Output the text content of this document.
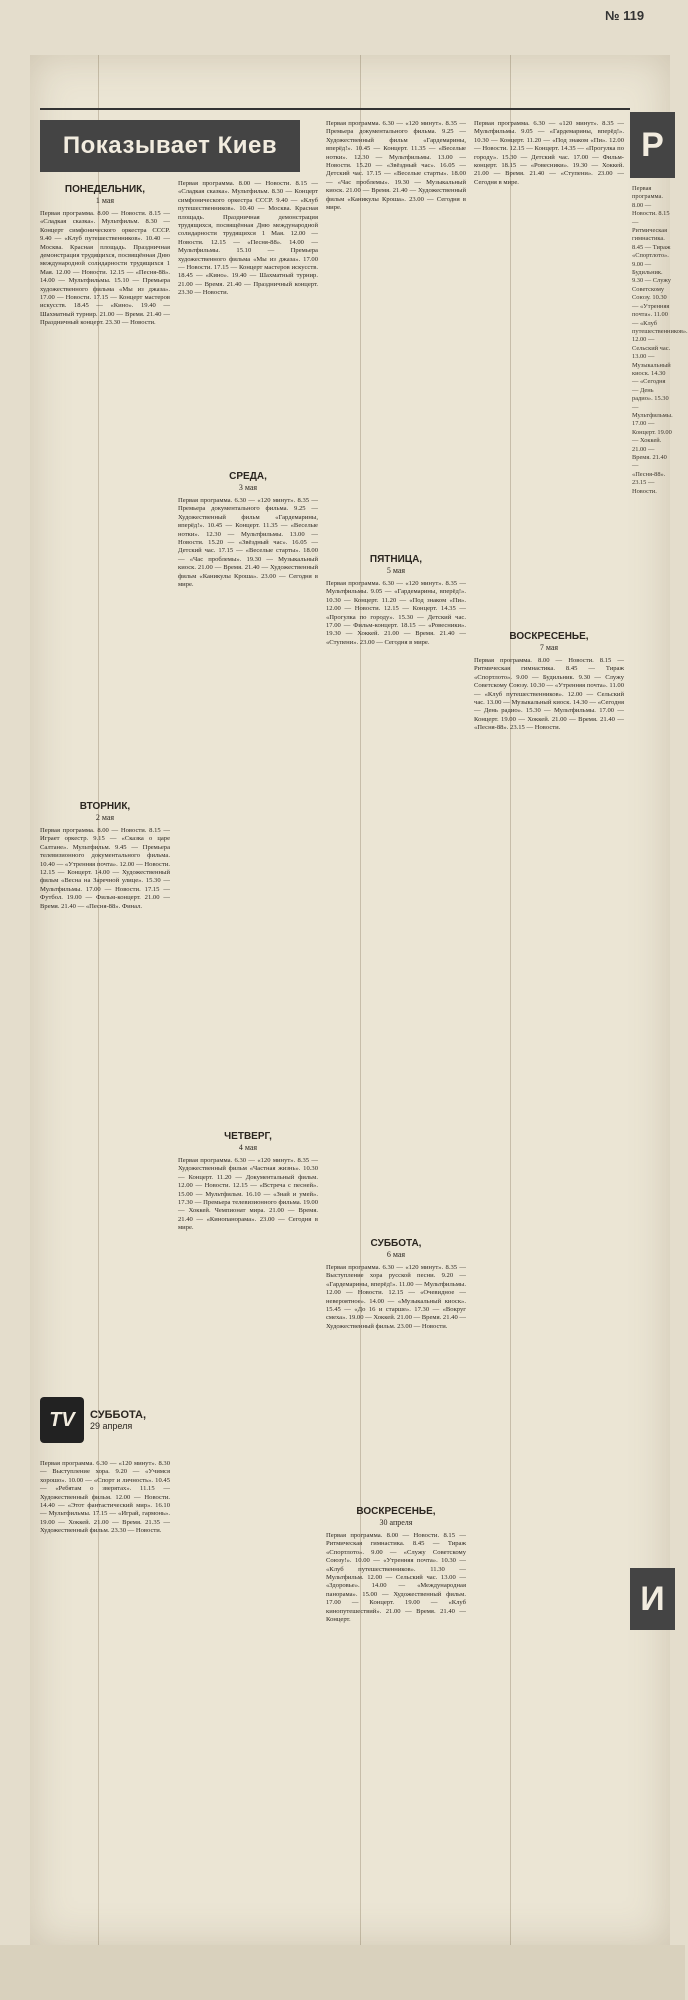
№ 119
Показывает Киев	Р
ПОНЕДЕЛЬНИК,
1 мая
Первая программа. 8.00 — Новости. 8.15 — «Сладкая сказка». Мультфильм. 8.30 — Концерт симфонического оркестра СССР. 9.40 — «Клуб путешественников». 10.40 — Москва. Красная площадь. Праздничная демонстрация трудящихся, посвящённая Дню международной солидарности трудящихся 1 Мая. 12.00 — Новости. 12.15 — «Песня-88». 14.00 — Мультфильмы. 15.10 — Премьера художественного фильма «Мы из джаза». 17.00 — Новости. 17.15 — Концерт мастеров искусств. 18.45 — «Кино». 19.40 — Шахматный турнир. 21.00 — Время. 21.40 — Праздничный концерт. 23.30 — Новости.
ВТОРНИК,
2 мая
Первая программа. 8.00 — Новости. 8.15 — Играет оркестр. 9.15 — «Сказка о царе Салтане». Мультфильм. 9.45 — Премьера телевизионного документального фильма. 10.40 — «Утренняя почта». 12.00 — Новости. 12.15 — Концерт. 14.00 — Художественный фильм «Весна на Заречной улице». 15.30 — Мультфильмы. 17.00 — Новости. 17.15 — Футбол. 19.00 — Фильм-концерт. 21.00 — Время. 21.40 — «Песня-88». Финал.
TV	СУББОТА,
29 апреля
Первая программа. 6.30 — «120 минут». 8.30 — Выступление хора. 9.20 — «Учимся хорошо». 10.00 — «Спорт и личность». 10.45 — «Ребятам о зверятах». 11.15 — Художественный фильм. 12.00 — Новости. 14.40 — «Этот фантастический мир». 16.10 — Мультфильмы. 17.15 — «Играй, гармонь». 19.00 — Хоккей. 21.00 — Время. 21.35 — Художественный фильм. 23.30 — Новости.
Первая программа. 8.00 — Новости. 8.15 — «Сладкая сказка». Мультфильм. 8.30 — Концерт симфонического оркестра СССР. 9.40 — «Клуб путешественников». 10.40 — Москва. Красная площадь. Праздничная демонстрация трудящихся, посвящённая Дню международной солидарности трудящихся 1 Мая. 12.00 — Новости. 12.15 — «Песня-88». 14.00 — Мультфильмы. 15.10 — Премьера художественного фильма «Мы из джаза». 17.00 — Новости. 17.15 — Концерт мастеров искусств. 18.45 — «Кино». 19.40 — Шахматный турнир. 21.00 — Время. 21.40 — Праздничный концерт. 23.30 — Новости.
СРЕДА,
3 мая
Первая программа. 6.30 — «120 минут». 8.35 — Премьера документального фильма. 9.25 — Художественный фильм «Гардемарины, вперёд!». 10.45 — Концерт. 11.35 — «Веселые нотки». 12.30 — Мультфильмы. 13.00 — Новости. 15.20 — «Звёздный час». 16.05 — Детский час. 17.15 — «Веселые старты». 18.00 — «Час проблемы». 19.30 — Музыкальный киоск. 21.00 — Время. 21.40 — Художественный фильм «Каникулы Кроша». 23.00 — Сегодня в мире.
ЧЕТВЕРГ,
4 мая
Первая программа. 6.30 — «120 минут». 8.35 — Художественный фильм «Частная жизнь». 10.30 — Концерт. 11.20 — Документальный фильм. 12.00 — Новости. 12.15 — «Встреча с песней». 15.00 — Мультфильм. 16.10 — «Знай и умей». 17.30 — Премьера телевизионного фильма. 19.00 — Хоккей. Чемпионат мира. 21.00 — Время. 21.40 — «Кинопанорама». 23.00 — Сегодня в мире.
Первая программа. 6.30 — «120 минут». 8.35 — Премьера документального фильма. 9.25 — Художественный фильм «Гардемарины, вперёд!». 10.45 — Концерт. 11.35 — «Веселые нотки». 12.30 — Мультфильмы. 13.00 — Новости. 15.20 — «Звёздный час». 16.05 — Детский час. 17.15 — «Веселые старты». 18.00 — «Час проблемы». 19.30 — Музыкальный киоск. 21.00 — Время. 21.40 — Художественный фильм «Каникулы Кроша». 23.00 — Сегодня в мире.
ПЯТНИЦА,
5 мая
Первая программа. 6.30 — «120 минут». 8.35 — Мультфильмы. 9.05 — «Гардемарины, вперёд!». 10.30 — Концерт. 11.20 — «Под знаком «Пи». 12.00 — Новости. 12.15 — Концерт. 14.35 — «Прогулка по городу». 15.30 — Детский час. 17.00 — Фильм-концерт. 18.15 — «Ровесники». 19.30 — Хоккей. 21.00 — Время. 21.40 — «Ступени». 23.00 — Сегодня в мире.
СУББОТА,
6 мая
Первая программа. 6.30 — «120 минут». 8.35 — Выступление хора русской песни. 9.20 — «Гардемарины, вперёд!». 11.00 — Мультфильмы. 12.00 — Новости. 12.15 — «Очевидное — невероятное». 14.00 — «Музыкальный киоск». 15.45 — «До 16 и старше». 17.30 — «Вокруг смеха». 19.00 — Хоккей. 21.00 — Время. 21.40 — Художественный фильм. 23.00 — Новости.
ВОСКРЕСЕНЬЕ,
30 апреля
Первая программа. 8.00 — Новости. 8.15 — Ритмическая гимнастика. 8.45 — Тираж «Спортлото». 9.00 — «Служу Советскому Союзу!». 10.00 — «Утренняя почта». 10.30 — «Клуб путешественников». 11.30 — Мультфильм. 12.00 — Сельский час. 13.00 — «Здоровье». 14.00 — «Международная панорама». 15.00 — Художественный фильм. 17.00 — Концерт. 19.00 — «Клуб кинопутешествий». 21.00 — Время. 21.40 — Концерт.
Первая программа. 6.30 — «120 минут». 8.35 — Мультфильмы. 9.05 — «Гардемарины, вперёд!». 10.30 — Концерт. 11.20 — «Под знаком «Пи». 12.00 — Новости. 12.15 — Концерт. 14.35 — «Прогулка по городу». 15.30 — Детский час. 17.00 — Фильм-концерт. 18.15 — «Ровесники». 19.30 — Хоккей. 21.00 — Время. 21.40 — «Ступени». 23.00 — Сегодня в мире.
ВОСКРЕСЕНЬЕ,
7 мая
Первая программа. 8.00 — Новости. 8.15 — Ритмическая гимнастика. 8.45 — Тираж «Спортлото». 9.00 — Будильник. 9.30 — Служу Советскому Союзу. 10.30 — «Утренняя почта». 11.00 — «Клуб путешественников». 12.00 — Сельский час. 13.00 — Музыкальный киоск. 14.30 — «Сегодня — День радио». 15.30 — Мультфильмы. 17.00 — Концерт. 19.00 — Хоккей. 21.00 — Время. 21.40 — «Песня-88». 23.15 — Новости.
Первая программа. 8.00 — Новости. 8.15 — Ритмическая гимнастика. 8.45 — Тираж «Спортлото». 9.00 — Будильник. 9.30 — Служу Советскому Союзу. 10.30 — «Утренняя почта». 11.00 — «Клуб путешественников». 12.00 — Сельский час. 13.00 — Музыкальный киоск. 14.30 — «Сегодня — День радио». 15.30 — Мультфильмы. 17.00 — Концерт. 19.00 — Хоккей. 21.00 — Время. 21.40 — «Песня-88». 23.15 — Новости.
И
